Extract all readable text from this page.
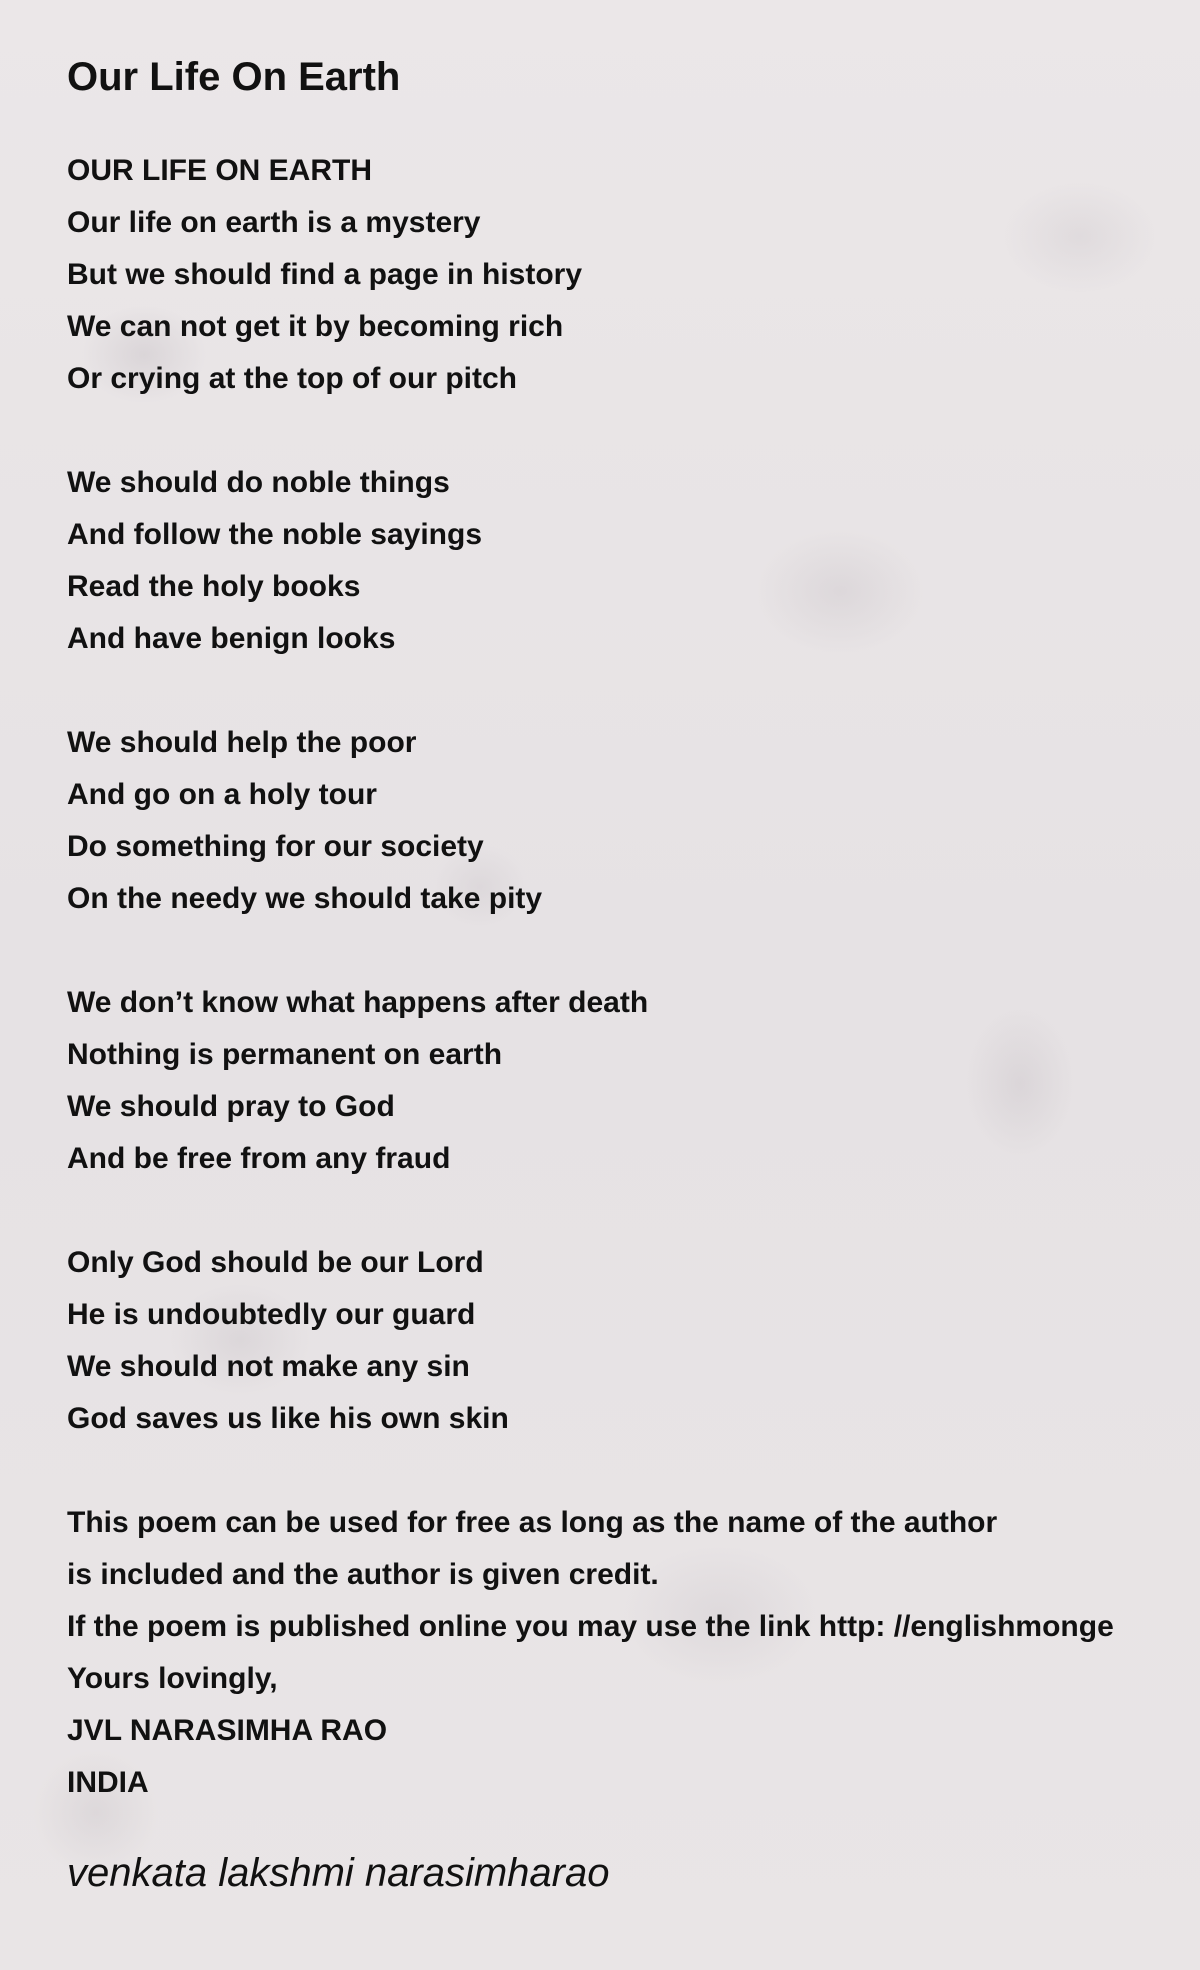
Our Life On Earth
OUR LIFE ON EARTH
Our life on earth is a mystery
But we should find a page in history
We can not get it by becoming rich
Or crying at the top of our pitch
We should do noble things
And follow the noble sayings
Read the holy books
And have benign looks
We should help the poor
And go on a holy tour
Do something for our society
On the needy we should take pity
We don’t know what happens after death
Nothing is permanent on earth
We should pray to God
And be free from any fraud
Only God should be our Lord
He is undoubtedly our guard
We should not make any sin
God saves us like his own skin
This poem can be used for free as long as the name of the author
is included and the author is given credit.
If the poem is published online you may use the link http: //englishmonge
Yours lovingly,
JVL NARASIMHA RAO
INDIA
venkata lakshmi narasimharao
